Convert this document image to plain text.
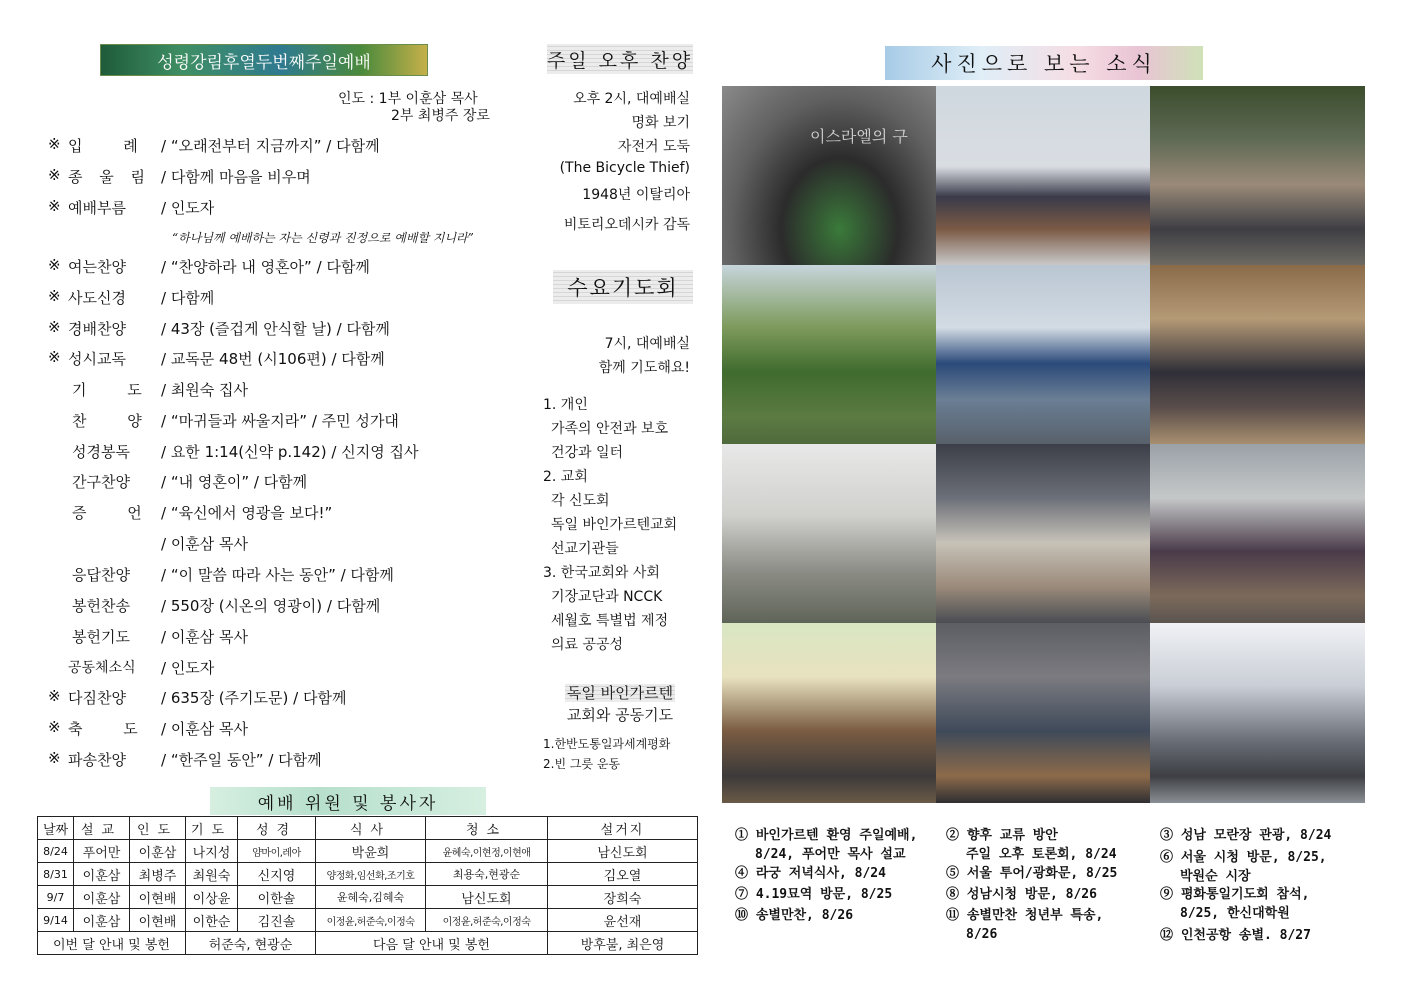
성령강림후열두번째주일예배
인도 : 1부 이훈삼 목사
2부 최병주 장로
※ 입 례 / “오래전부터 지금까지” / 다함께
※ 종 울 림 / 다함께 마음을 비우며
※ 예배부름	/ 인도자
“하나님께 예배하는 자는 신령과 진정으로 예배할 지니라”
※ 여는찬양	/ “찬양하라 내 영혼아” / 다함께
※ 사도신경	/ 다함께
※ 경배찬양	/ 43장 (즐겁게 안식할 날) / 다함께
※ 성시교독	/ 교독문 48번 (시106편) / 다함께
기 도 / 최원숙 집사
찬 양 / “마귀들과 싸울지라” / 주민 성가대
성경봉독	/ 요한 1:14(신약 p.142) / 신지영 집사
간구찬양	/ “내 영혼이” / 다함께
증 언 / “육신에서 영광을 보다!”
/ 이훈삼 목사
응답찬양	/ “이 말씀 따라 사는 동안” / 다함께
봉헌찬송	/ 550장 (시온의 영광이) / 다함께
봉헌기도	/ 이훈삼 목사
공동체소식	/ 인도자
※ 다짐찬양	/ 635장 (주기도문) / 다함께
※ 축 도 / 이훈삼 목사
※ 파송찬양	/ “한주일 동안” / 다함께
예배 위원 및 봉사자
날짜	설교	인도	기도	성경	식사	청소	설거지
8/24	푸어만	이훈삼	나지성	얌마이,레아	박윤희	윤혜숙,이현정,이현애	남신도회
8/31	이훈삼	최병주	최원숙	신지영	양정화,임선화,조기호	최용숙,현광순	김오열
9/7	이훈삼	이현배	이상윤	이한솔	윤혜숙,김혜숙	남신도회	장희숙
9/14	이훈삼	이현배	이한순	김진솔	이정윤,허준숙,이정숙	이정윤,허준숙,이정숙	윤선재
이번 달 안내 및 봉헌			허준숙, 현광순		다음 달 안내 및 봉헌		방후불, 최은영
주일 오후 찬양
오후 2시, 대예배실
명화 보기
자전거 도둑
(The Bicycle Thief)
1948년 이탈리아
비토리오데시카 감독
수요기도회
7시, 대예배실
함께 기도해요!
1. 개인
가족의 안전과 보호
건강과 일터
2. 교회
각 신도회
독일 바인가르텐교회
선교기관들
3. 한국교회와 사회
기장교단과 NCCK
세월호 특별법 제정
의료 공공성
독일 바인가르텐
교회와 공동기도
1.한반도통일과세계평화
2.빈 그릇 운동
사진으로 보는 소식
이스라엘의 구
① 바인가르텐 환영 주일예배,
8/24, 푸어만 목사 설교
② 향후 교류 방안
주일 오후 토론회, 8/24
③ 성남 모란장 관광, 8/24
④ 라궁 저녁식사, 8/24	⑤ 서울 투어/광화문, 8/25
⑥ 서울 시청 방문, 8/25,
박원순 시장
⑦ 4.19묘역 방문, 8/25	⑧ 성남시청 방문, 8/26	⑨ 평화통일기도회 참석,
8/25, 한신대학원
⑩ 송별만찬, 8/26	⑪ 송별만찬 청년부 특송,
8/26	⑫ 인천공항 송별. 8/27
